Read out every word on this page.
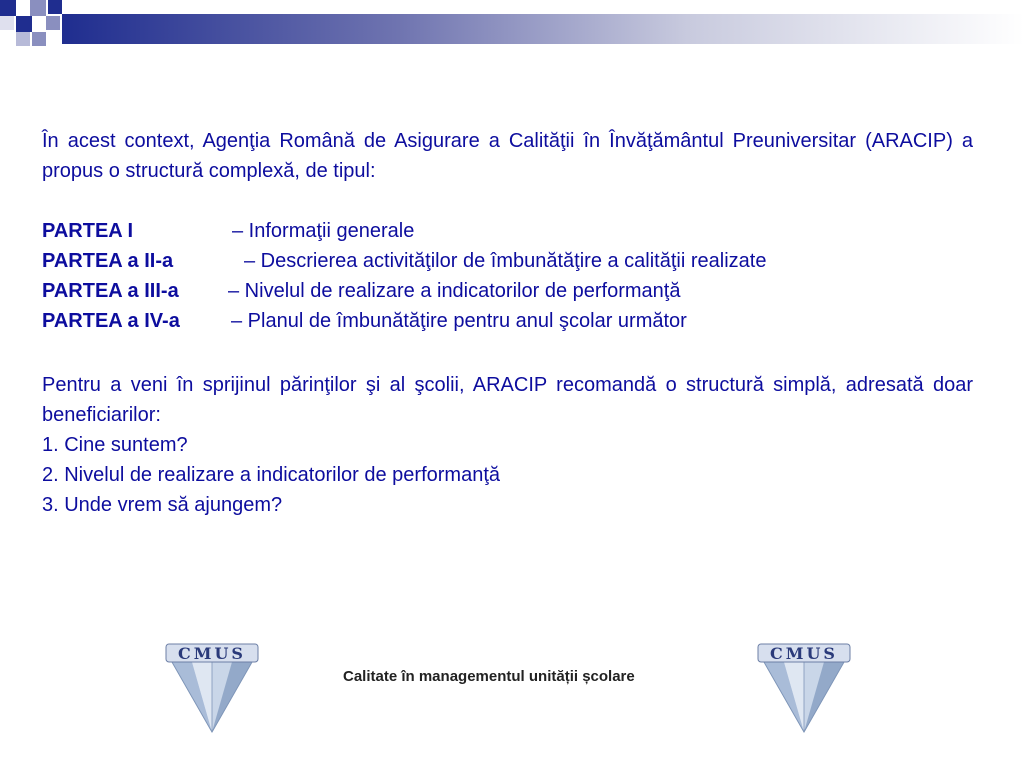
În acest context, Agenţia Română de Asigurare a Calităţii în Învăţământul Preuniversitar (ARACIP) a propus o structură complexă, de tipul:

PARTEA I	– Informaţii generale

PARTEA a II-a	– Descrierea activităţilor de îmbunătăţire a calităţii realizate

PARTEA a III-a – Nivelul de realizare a indicatorilor de performanţă

PARTEA a IV-a	– Planul de îmbunătăţire pentru anul şcolar următor

Pentru a veni în sprijinul părinţilor şi al şcolii, ARACIP recomandă o structură simplă, adresată doar beneficiarilor:

1. Cine suntem?

2. Nivelul de realizare a indicatorilor de performanţă

3. Unde vrem să ajungem?

CMUS
Calitate în managementul unității școlare
CMUS
